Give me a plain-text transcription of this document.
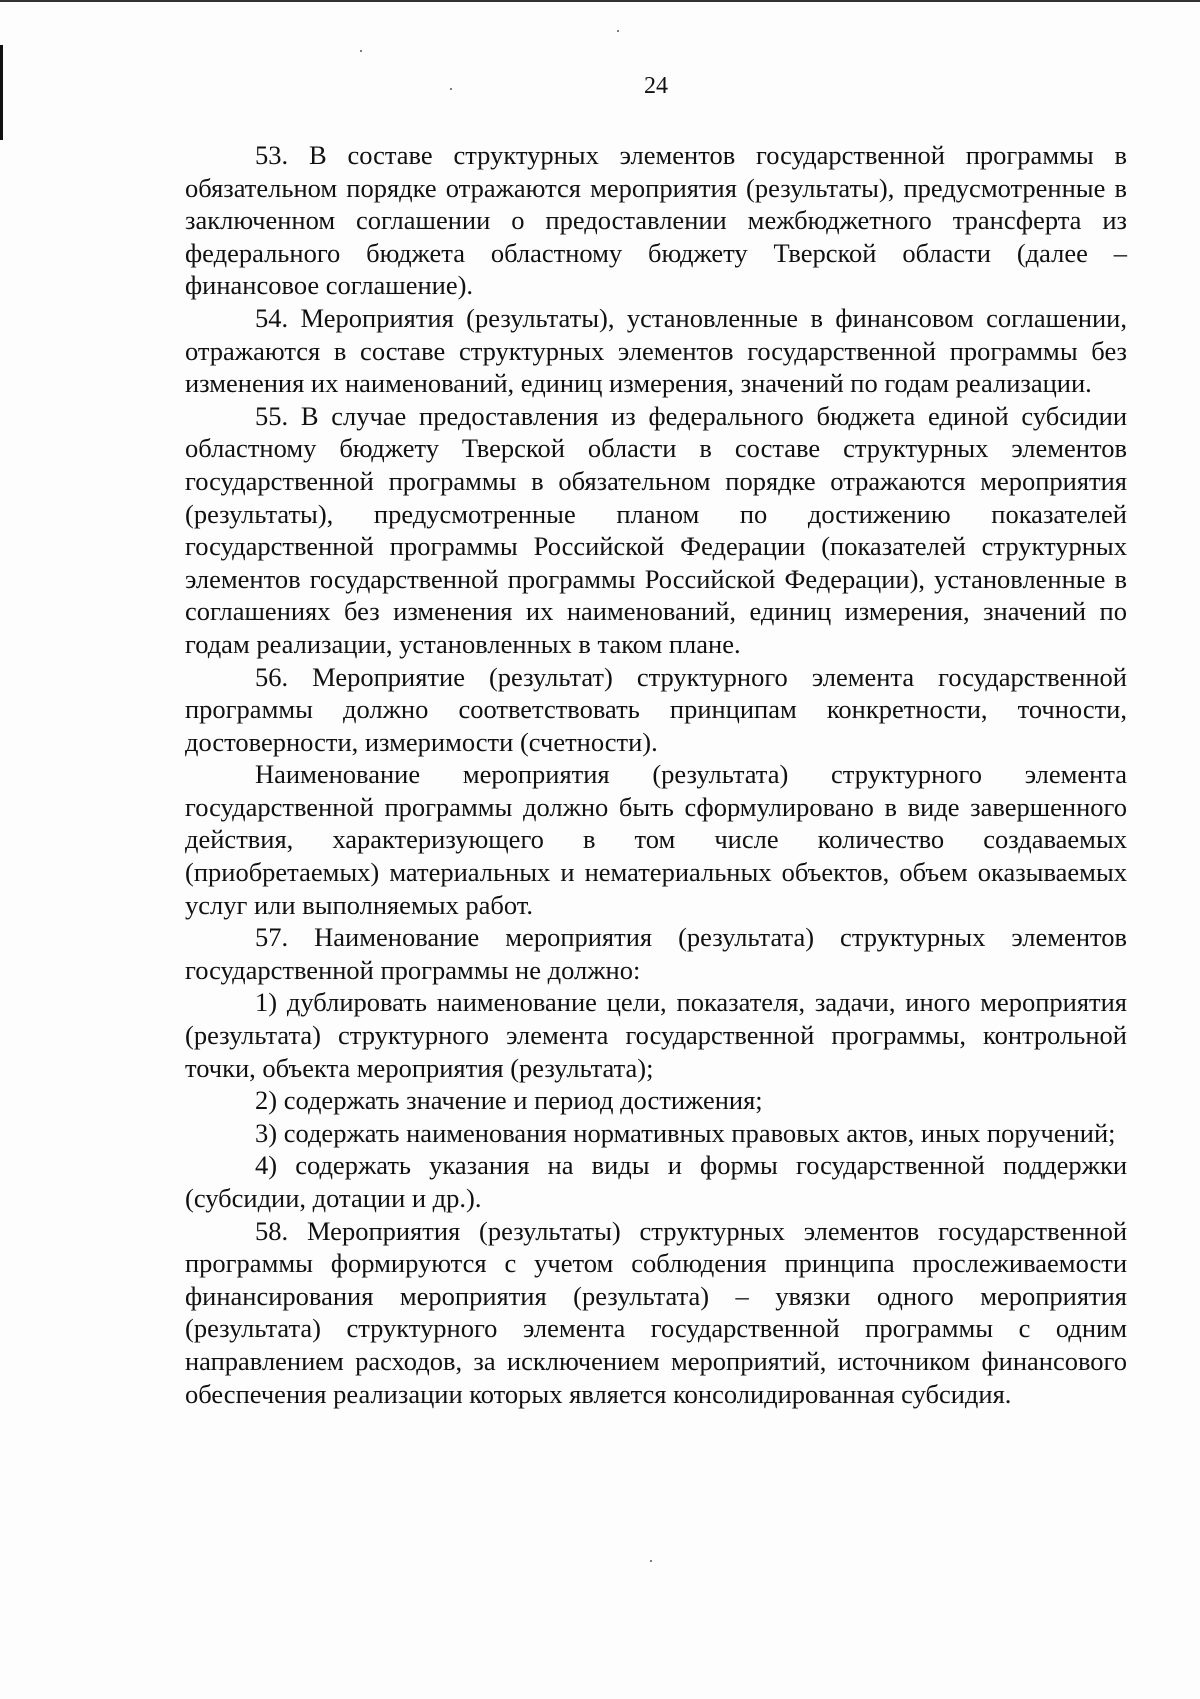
24

53. В составе структурных элементов государственной программы в обязательном порядке отражаются мероприятия (результаты), предусмотренные в заключенном соглашении о предоставлении межбюджетного трансферта из федерального бюджета областному бюджету Тверской области (далее – финансовое соглашение).

54. Мероприятия (результаты), установленные в финансовом соглашении, отражаются в составе структурных элементов государственной программы без изменения их наименований, единиц измерения, значений по годам реализации.

55. В случае предоставления из федерального бюджета единой субсидии областному бюджету Тверской области в составе структурных элементов государственной программы в обязательном порядке отражаются мероприятия (результаты), предусмотренные планом по достижению показателей государственной программы Российской Федерации (показателей структурных элементов государственной программы Российской Федерации), установленные в соглашениях без изменения их наименований, единиц измерения, значений по годам реализации, установленных в таком плане.

56. Мероприятие (результат) структурного элемента государственной программы должно соответствовать принципам конкретности, точности, достоверности, измеримости (счетности).

Наименование мероприятия (результата) структурного элемента государственной программы должно быть сформулировано в виде завершенного действия, характеризующего в том числе количество создаваемых (приобретаемых) материальных и нематериальных объектов, объем оказываемых услуг или выполняемых работ.

57. Наименование мероприятия (результата) структурных элементов государственной программы не должно:

1) дублировать наименование цели, показателя, задачи, иного мероприятия (результата) структурного элемента государственной программы, контрольной точки, объекта мероприятия (результата);

2) содержать значение и период достижения;

3) содержать наименования нормативных правовых актов, иных поручений;

4) содержать указания на виды и формы государственной поддержки (субсидии, дотации и др.).

58. Мероприятия (результаты) структурных элементов государственной программы формируются с учетом соблюдения принципа прослеживаемости финансирования мероприятия (результата) – увязки одного мероприятия (результата) структурного элемента государственной программы с одним направлением расходов, за исключением мероприятий, источником финансового обеспечения реализации которых является консолидированная субсидия.
